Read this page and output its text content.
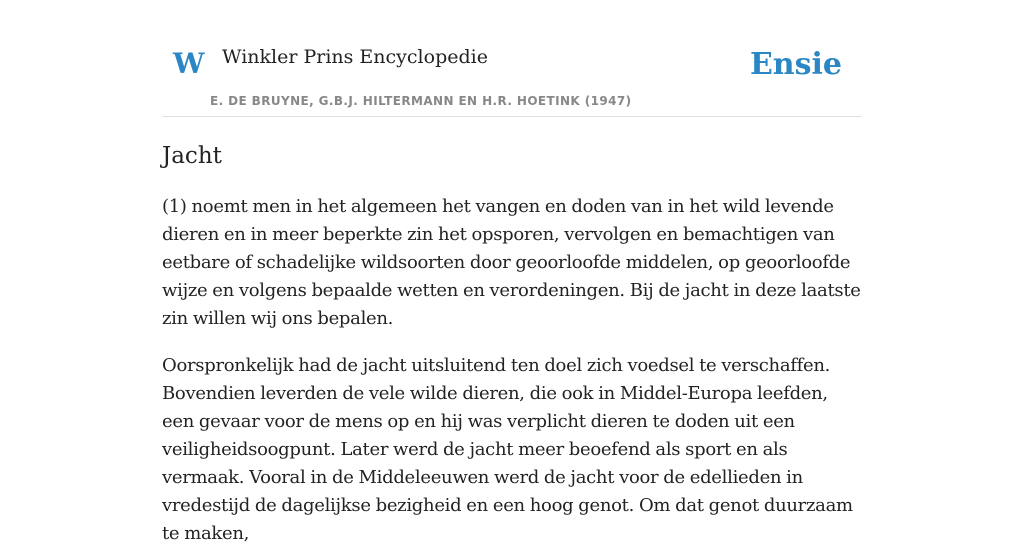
W Winkler Prins Encyclopedie
E. DE BRUYNE, G.B.J. HILTERMANN EN H.R. HOETINK (1947)
Ensie
Jacht

(1) noemt men in het algemeen het vangen en doden van in het wild levende dieren en in meer beperkte zin het opsporen, vervolgen en bemachtigen van eetbare of schadelijke wildsoorten door geoorloofde middelen, op geoorloofde wijze en volgens bepaalde wetten en verordeningen. Bij de jacht in deze laatste zin willen wij ons bepalen.

Oorspronkelijk had de jacht uitsluitend ten doel zich voedsel te verschaffen. Bovendien leverden de vele wilde dieren, die ook in Middel-Europa leefden, een gevaar voor de mens op en hij was verplicht dieren te doden uit een veiligheidsoogpunt. Later werd de jacht meer beoefend als sport en als vermaak. Vooral in de Middeleeuwen werd de jacht voor de edellieden in vredestijd de dagelijkse bezigheid en een hoog genot. Om dat genot duurzaam te maken,
